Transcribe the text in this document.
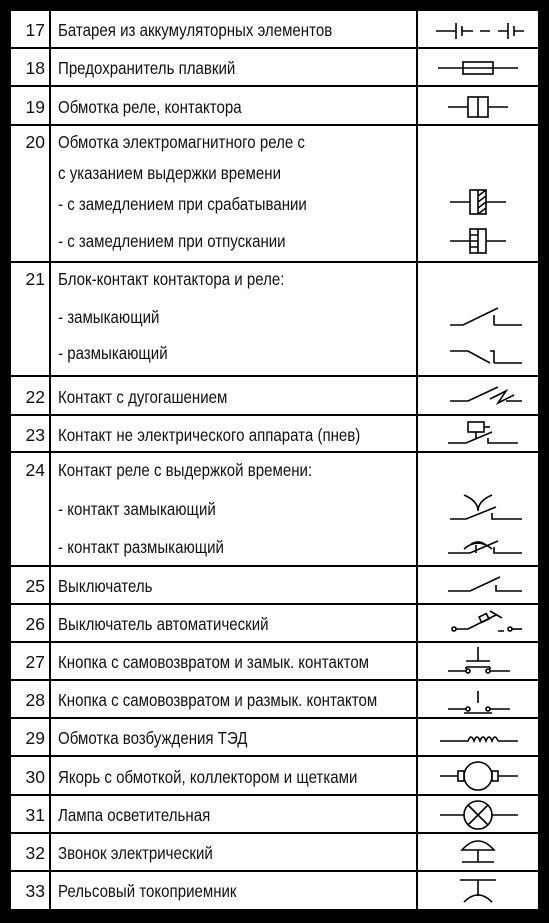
17 Батарея из аккумуляторных элементов
18 Предохранитель плавкий
19 Обмотка реле, контактора
20 Обмотка электромагнитного реле с
с указанием выдержки времени
- с замедлением при срабатывании
- с замедлением при отпускании
21 Блок-контакт контактора и реле:
- замыкающий
- размыкающий
22 Контакт с дугогашением
23 Контакт не электрического аппарата (пнев)
24 Контакт реле с выдержкой времени:
- контакт замыкающий
- контакт размыкающий
25 Выключатель
26 Выключатель автоматический
27 Кнопка с самовозвратом и замык. контактом
28 Кнопка с самовозвратом и размык. контактом
29 Обмотка возбуждения ТЭД
30 Якорь с обмоткой, коллектором и щетками
31 Лампа осветительная
32 Звонок электрический
33 Рельсовый токоприемник
